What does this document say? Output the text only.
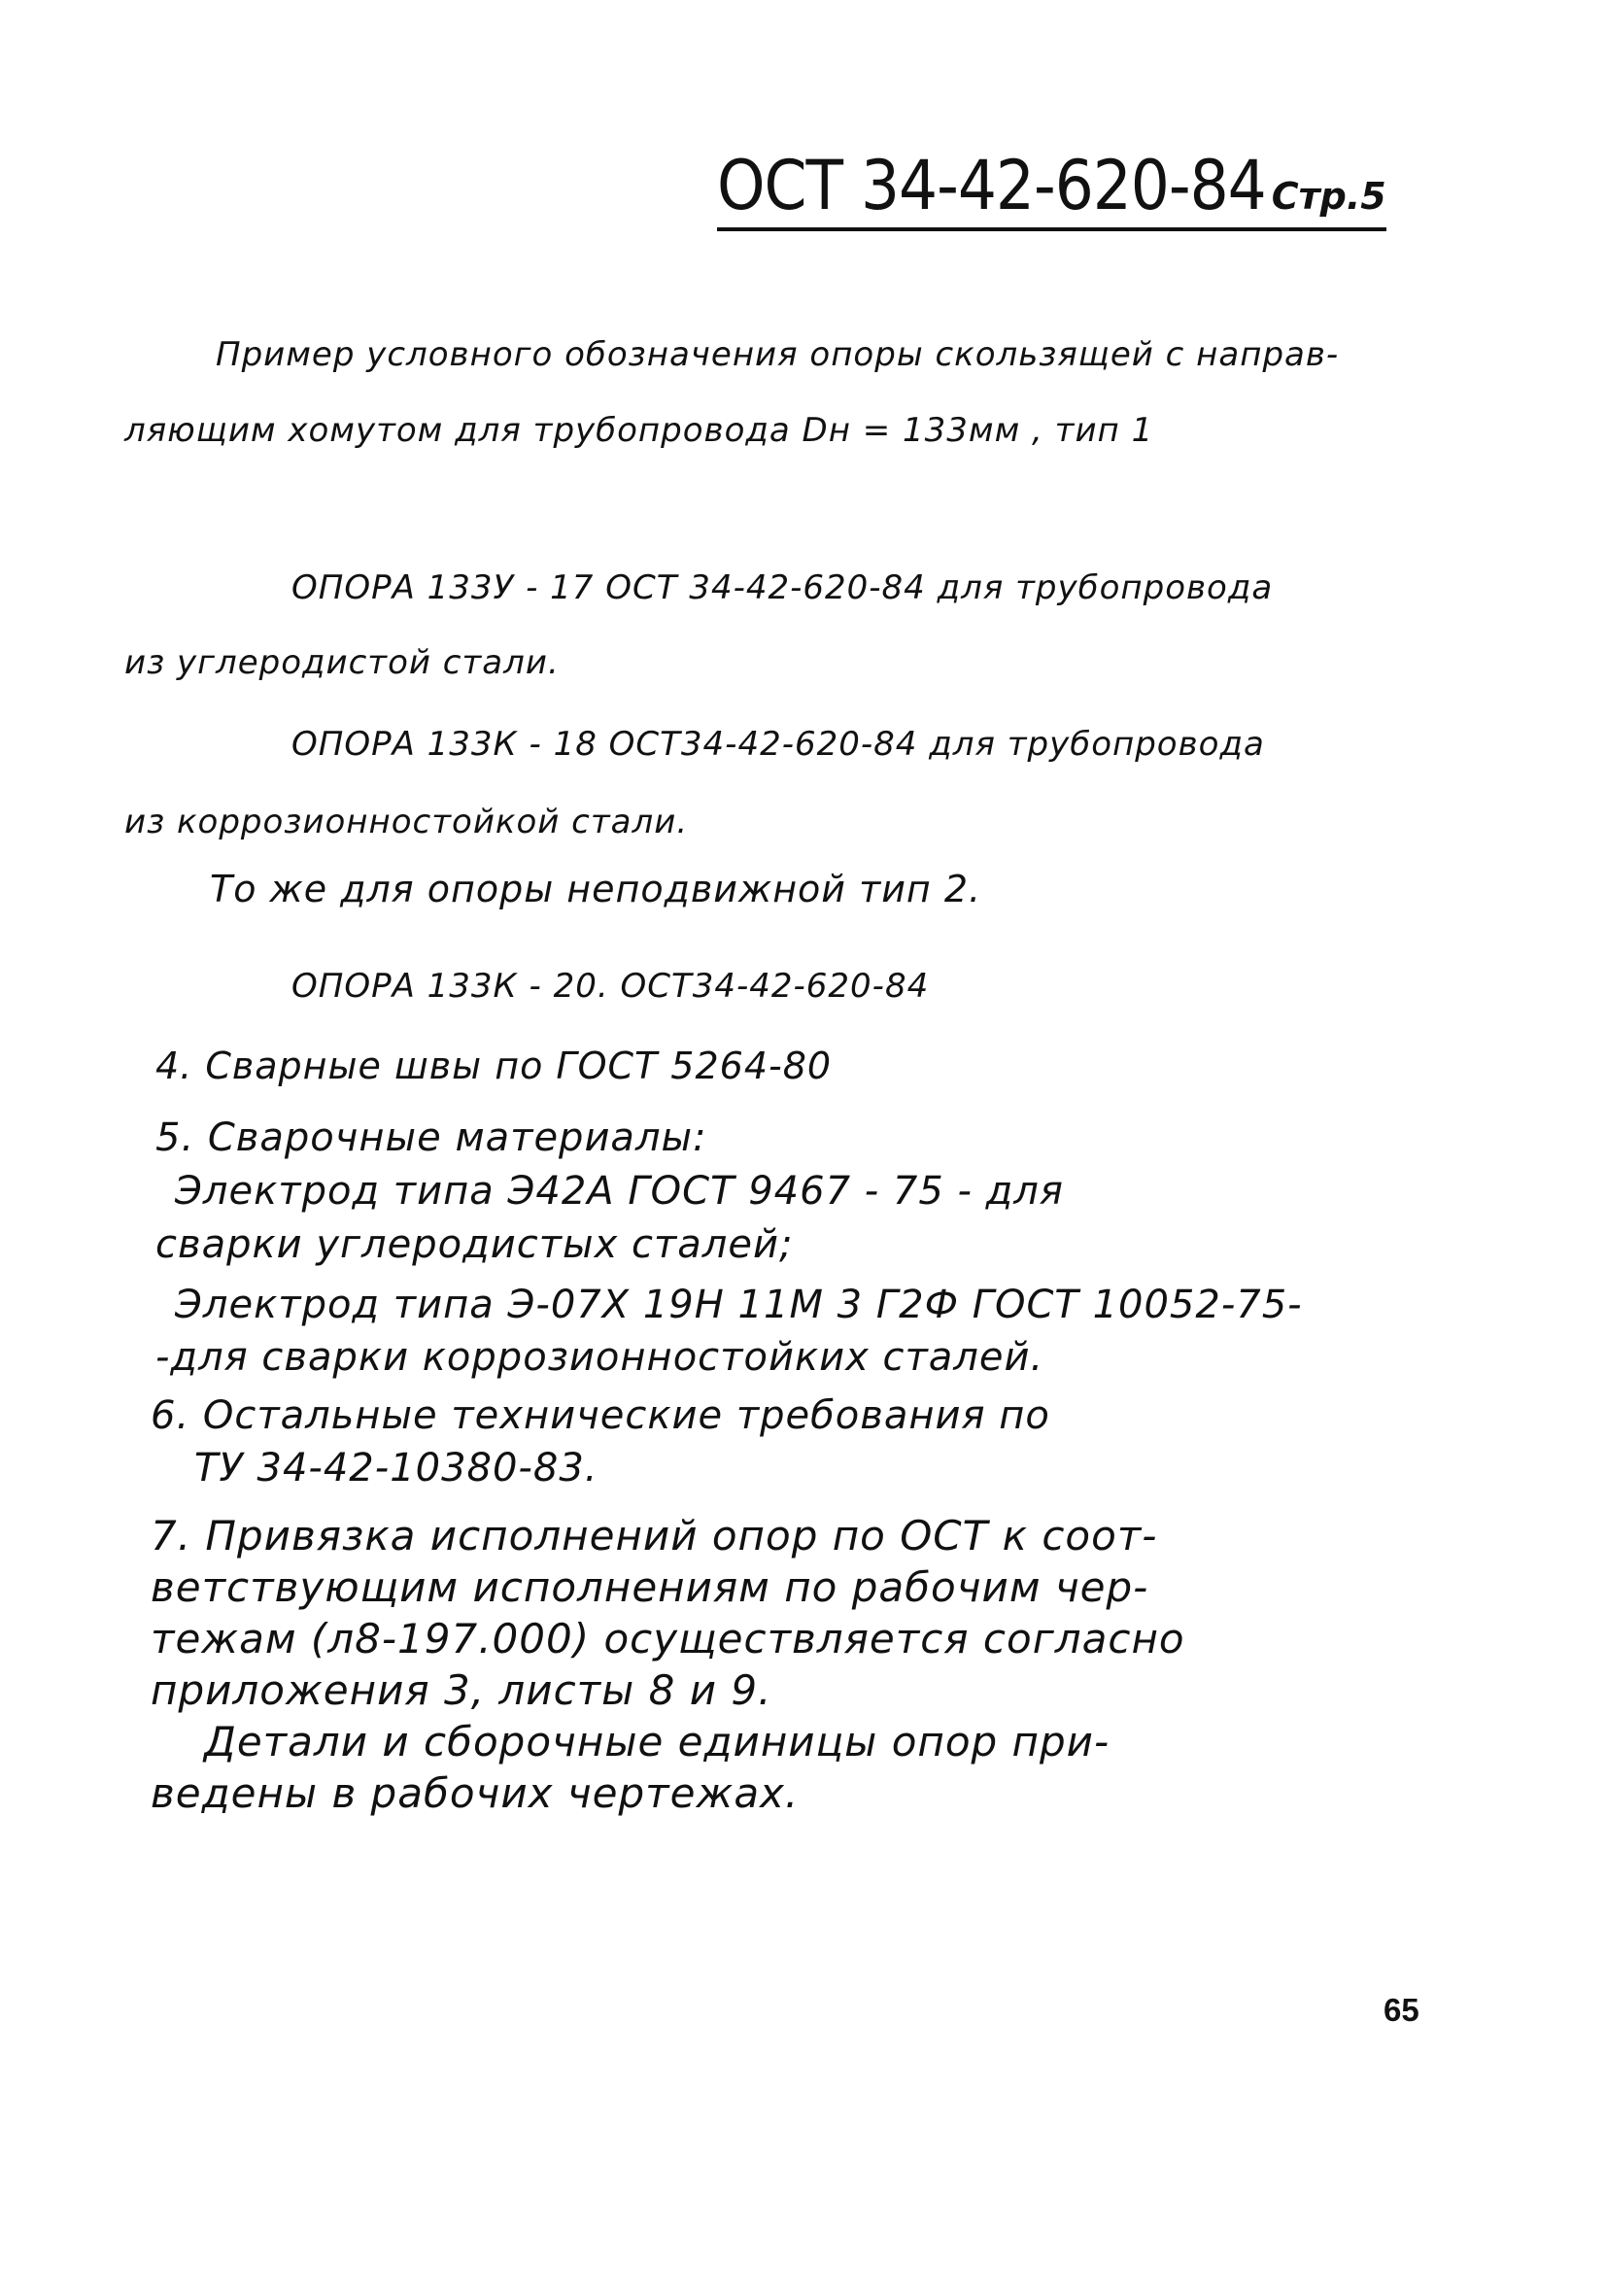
ОСТ 34-42-620-84 Стр.5
Пример условного обозначения опоры скользящей с направ-
ляющим хомутом для трубопровода Dн = 133мм , тип 1
ОПОРА 133У - 17 ОСТ 34-42-620-84 для трубопровода
из углеродистой стали.
ОПОРА 133К - 18 ОСТ34-42-620-84 для трубопровода
из коррозионностойкой стали.
То же для опоры неподвижной тип 2.
ОПОРА 133К - 20. ОСТ34-42-620-84
4. Сварные швы по ГОСТ 5264-80
5. Сварочные материалы:
Электрод типа Э42А ГОСТ 9467 - 75 - для
сварки углеродистых сталей;
Электрод типа Э-07Х 19Н 11М 3 Г2Ф ГОСТ 10052-75-
-для сварки коррозионностойких сталей.
6. Остальные технические требования по
ТУ 34-42-10380-83.
7. Привязка исполнений опор по ОСТ к соот-
ветствующим исполнениям по рабочим чер-
тежам (л8-197.000) осуществляется согласно
приложения 3, листы 8 и 9.
Детали и сборочные единицы опор при-
ведены в рабочих чертежах.
65
